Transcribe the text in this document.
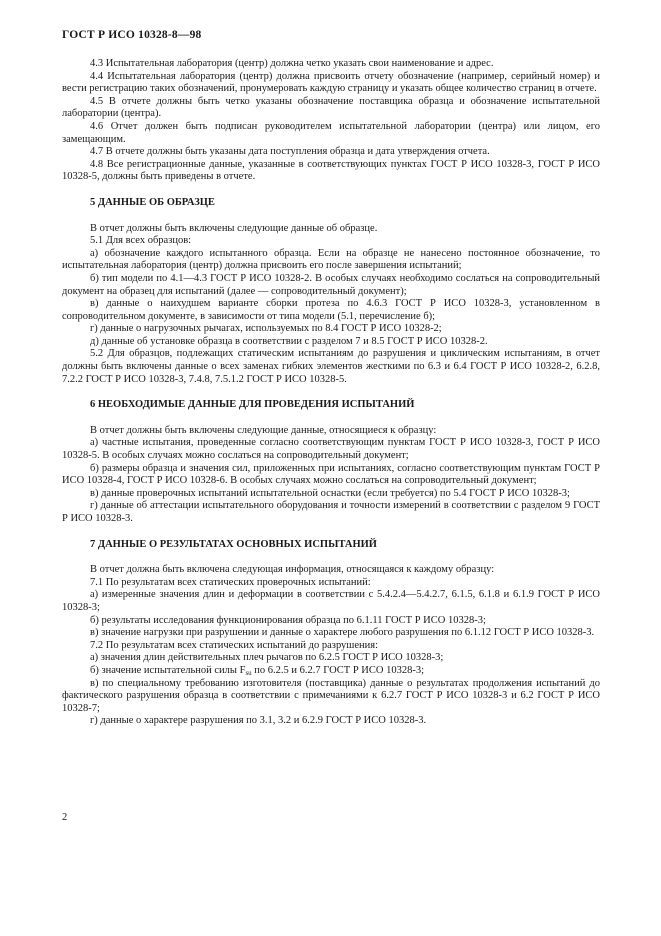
ГОСТ Р ИСО 10328-8—98

4.3 Испытательная лаборатория (центр) должна четко указать свои наименование и адрес.

4.4 Испытательная лаборатория (центр) должна присвоить отчету обозначение (например, серийный номер) и вести регистрацию таких обозначений, пронумеровать каждую страницу и указать общее количество страниц в отчете.

4.5 В отчете должны быть четко указаны обозначение поставщика образца и обозначение испытательной лаборатории (центра).

4.6 Отчет должен быть подписан руководителем испытательной лаборатории (центра) или лицом, его замещающим.

4.7 В отчете должны быть указаны дата поступления образца и дата утверждения отчета.

4.8 Все регистрационные данные, указанные в соответствующих пунктах ГОСТ Р ИСО 10328-3, ГОСТ Р ИСО 10328-5, должны быть приведены в отчете.

5 ДАННЫЕ ОБ ОБРАЗЦЕ

В отчет должны быть включены следующие данные об образце.

5.1 Для всех образцов:

а) обозначение каждого испытанного образца. Если на образце не нанесено постоянное обозначение, то испытательная лаборатория (центр) должна присвоить его после завершения испытаний;

б) тип модели по 4.1—4.3 ГОСТ Р ИСО 10328-2. В особых случаях необходимо сослаться на сопроводительный документ на образец для испытаний (далее — сопроводительный документ);

в) данные о наихудшем варианте сборки протеза по 4.6.3 ГОСТ Р ИСО 10328-3, установленном в сопроводительном документе, в зависимости от типа модели (5.1, перечисление б);

г) данные о нагрузочных рычагах, используемых по 8.4 ГОСТ Р ИСО 10328-2;

д) данные об установке образца в соответствии с разделом 7 и 8.5 ГОСТ Р ИСО 10328-2.

5.2 Для образцов, подлежащих статическим испытаниям до разрушения и циклическим испытаниям, в отчет должны быть включены данные о всех заменах гибких элементов жесткими по 6.3 и 6.4 ГОСТ Р ИСО 10328-2, 6.2.8, 7.2.2 ГОСТ Р ИСО 10328-3, 7.4.8, 7.5.1.2 ГОСТ Р ИСО 10328-5.

6 НЕОБХОДИМЫЕ ДАННЫЕ ДЛЯ ПРОВЕДЕНИЯ ИСПЫТАНИЙ

В отчет должны быть включены следующие данные, относящиеся к образцу:

а) частные испытания, проведенные согласно соответствующим пунктам ГОСТ Р ИСО 10328-3, ГОСТ Р ИСО 10328-5. В особых случаях можно сослаться на сопроводительный документ;

б) размеры образца и значения сил, приложенных при испытаниях, согласно соответствующим пунктам ГОСТ Р ИСО 10328-4, ГОСТ Р ИСО 10328-6. В особых случаях можно сослаться на сопроводительный документ;

в) данные проверочных испытаний испытательной оснастки (если требуется) по 5.4 ГОСТ Р ИСО 10328-3;

г) данные об аттестации испытательного оборудования и точности измерений в соответствии с разделом 9 ГОСТ Р ИСО 10328-3.

7 ДАННЫЕ О РЕЗУЛЬТАТАХ ОСНОВНЫХ ИСПЫТАНИЙ

В отчет должна быть включена следующая информация, относящаяся к каждому образцу:

7.1 По результатам всех статических проверочных испытаний:

а) измеренные значения длин и деформации в соответствии с 5.4.2.4—5.4.2.7, 6.1.5, 6.1.8 и 6.1.9 ГОСТ Р ИСО 10328-3;

б) результаты исследования функционирования образца по 6.1.11 ГОСТ Р ИСО 10328-3;

в) значение нагрузки при разрушении и данные о характере любого разрушения по 6.1.12 ГОСТ Р ИСО 10328-3.

7.2 По результатам всех статических испытаний до разрушения:

а) значения длин действительных плеч рычагов по 6.2.5 ГОСТ Р ИСО 10328-3;

б) значение испытательной силы $F_{su}$ по 6.2.5 и 6.2.7 ГОСТ Р ИСО 10328-3;

в) по специальному требованию изготовителя (поставщика) данные о результатах продолжения испытаний до фактического разрушения образца в соответствии с примечаниями к 6.2.7 ГОСТ Р ИСО 10328-3 и 6.2 ГОСТ Р ИСО 10328-7;

г) данные о характере разрушения по 3.1, 3.2 и 6.2.9 ГОСТ Р ИСО 10328-3.

2
